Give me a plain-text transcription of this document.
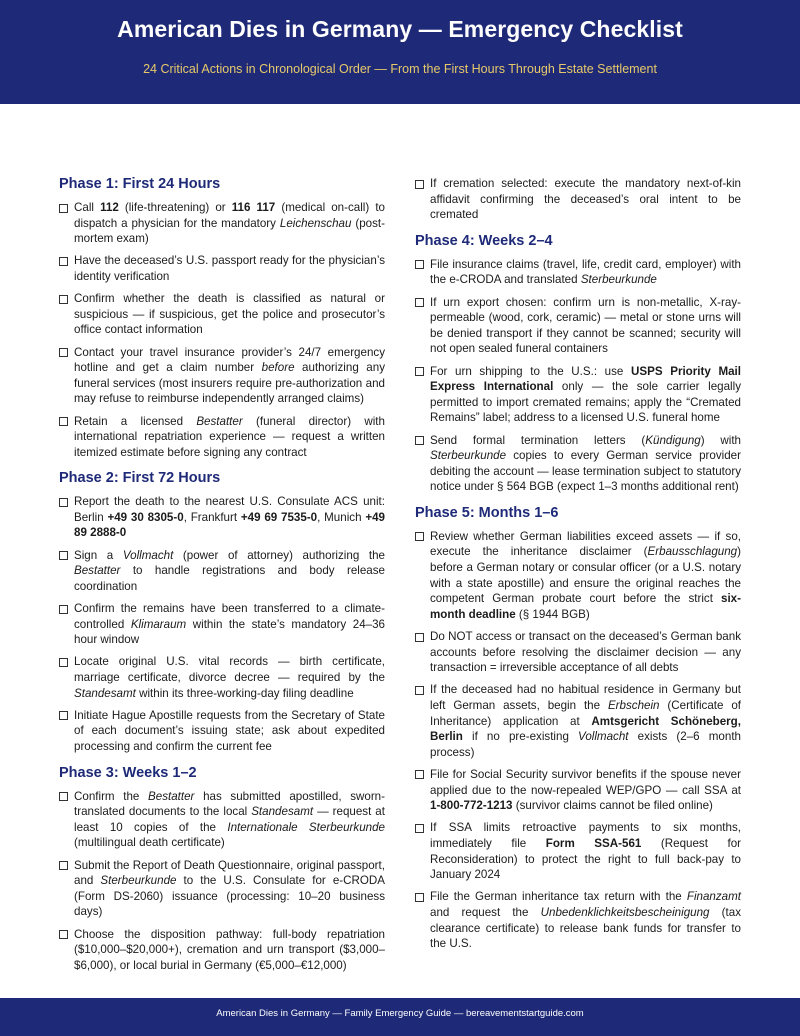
American Dies in Germany — Emergency Checklist
24 Critical Actions in Chronological Order — From the First Hours Through Estate Settlement
Phase 1: First 24 Hours
Call 112 (life-threatening) or 116 117 (medical on-call) to dispatch a physician for the mandatory Leichenschau (post-mortem exam)
Have the deceased’s U.S. passport ready for the physician’s identity verification
Confirm whether the death is classified as natural or suspicious — if suspicious, get the police and prosecutor’s office contact information
Contact your travel insurance provider’s 24/7 emergency hotline and get a claim number before authorizing any funeral services (most insurers require pre-authorization and may refuse to reimburse independently arranged claims)
Retain a licensed Bestatter (funeral director) with international repatriation experience — request a written itemized estimate before signing any contract
Phase 2: First 72 Hours
Report the death to the nearest U.S. Consulate ACS unit: Berlin +49 30 8305-0, Frankfurt +49 69 7535-0, Munich +49 89 2888-0
Sign a Vollmacht (power of attorney) authorizing the Bestatter to handle registrations and body release coordination
Confirm the remains have been transferred to a climate-controlled Klimaraum within the state’s mandatory 24–36 hour window
Locate original U.S. vital records — birth certificate, marriage certificate, divorce decree — required by the Standesamt within its three-working-day filing deadline
Initiate Hague Apostille requests from the Secretary of State of each document’s issuing state; ask about expedited processing and confirm the current fee
Phase 3: Weeks 1–2
Confirm the Bestatter has submitted apostilled, sworn-translated documents to the local Standesamt — request at least 10 copies of the Internationale Sterbeurkunde (multilingual death certificate)
Submit the Report of Death Questionnaire, original passport, and Sterbeurkunde to the U.S. Consulate for e-CRODA (Form DS-2060) issuance (processing: 10–20 business days)
Choose the disposition pathway: full-body repatriation ($10,000–$20,000+), cremation and urn transport ($3,000–$6,000), or local burial in Germany (€5,000–€12,000)
If cremation selected: execute the mandatory next-of-kin affidavit confirming the deceased’s oral intent to be cremated
Phase 4: Weeks 2–4
File insurance claims (travel, life, credit card, employer) with the e-CRODA and translated Sterbeurkunde
If urn export chosen: confirm urn is non-metallic, X-ray-permeable (wood, cork, ceramic) — metal or stone urns will be denied transport if they cannot be scanned; security will not open sealed funeral containers
For urn shipping to the U.S.: use USPS Priority Mail Express International only — the sole carrier legally permitted to import cremated remains; apply the “Cremated Remains” label; address to a licensed U.S. funeral home
Send formal termination letters (Kündigung) with Sterbeurkunde copies to every German service provider debiting the account — lease termination subject to statutory notice under § 564 BGB (expect 1–3 months additional rent)
Phase 5: Months 1–6
Review whether German liabilities exceed assets — if so, execute the inheritance disclaimer (Erbausschlagung) before a German notary or consular officer (or a U.S. notary with a state apostille) and ensure the original reaches the competent German probate court before the strict six-month deadline (§ 1944 BGB)
Do NOT access or transact on the deceased’s German bank accounts before resolving the disclaimer decision — any transaction = irreversible acceptance of all debts
If the deceased had no habitual residence in Germany but left German assets, begin the Erbschein (Certificate of Inheritance) application at Amtsgericht Schöneberg, Berlin if no pre-existing Vollmacht exists (2–6 month process)
File for Social Security survivor benefits if the spouse never applied due to the now-repealed WEP/GPO — call SSA at 1-800-772-1213 (survivor claims cannot be filed online)
If SSA limits retroactive payments to six months, immediately file Form SSA-561 (Request for Reconsideration) to protect the right to full back-pay to January 2024
File the German inheritance tax return with the Finanzamt and request the Unbedenklichkeitsbescheinigung (tax clearance certificate) to release bank funds for transfer to the U.S.
American Dies in Germany — Family Emergency Guide — bereavementstartguide.com
